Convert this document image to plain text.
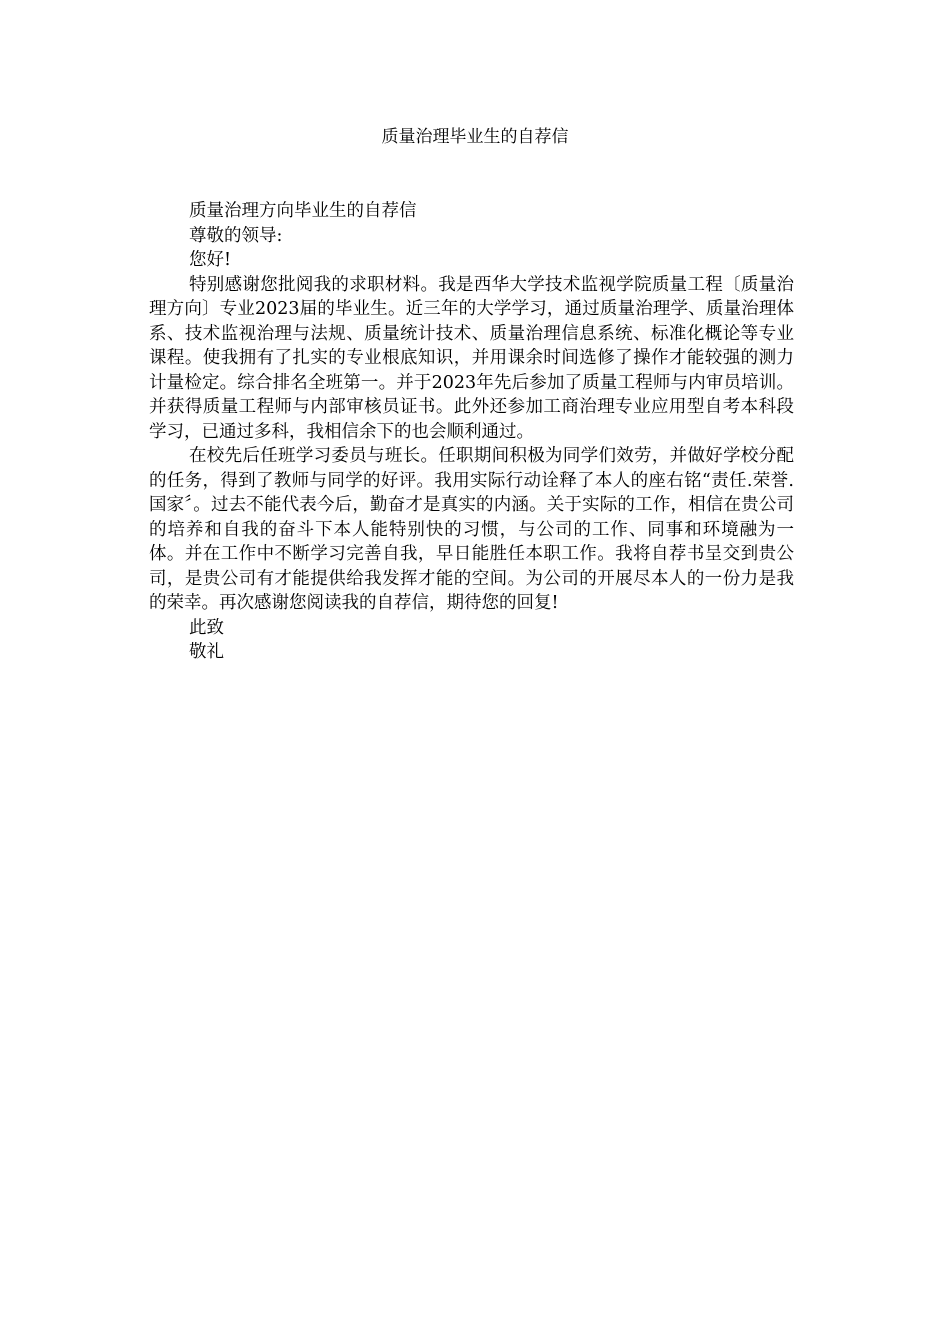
质量治理毕业生的自荐信

质量治理方向毕业生的自荐信

尊敬的领导:

您好!

特别感谢您批阅我的求职材料。我是西华大学技术监视学院质量工程〔质量治理方向〕专业2023届的毕业生。近三年的大学学习，通过质量治理学、质量治理体系、技术监视治理与法规、质量统计技术、质量治理信息系统、标准化概论等专业课程。使我拥有了扎实的专业根底知识，并用课余时间选修了操作才能较强的测力计量检定。综合排名全班第一。并于2023年先后参加了质量工程师与内审员培训。并获得质量工程师与内部审核员证书。此外还参加工商治理专业应用型自考本科段学习，已通过多科，我相信余下的也会顺利通过。

在校先后任班学习委员与班长。任职期间积极为同学们效劳，并做好学校分配的任务，得到了教师与同学的好评。我用实际行动诠释了本人的座右铭“责任.荣誉.国家〞。过去不能代表今后，勤奋才是真实的内涵。关于实际的工作，相信在贵公司的培养和自我的奋斗下本人能特别快的习惯，与公司的工作、同事和环境融为一体。并在工作中不断学习完善自我，早日能胜任本职工作。我将自荐书呈交到贵公司，是贵公司有才能提供给我发挥才能的空间。为公司的开展尽本人的一份力是我的荣幸。再次感谢您阅读我的自荐信，期待您的回复!

此致

敬礼
